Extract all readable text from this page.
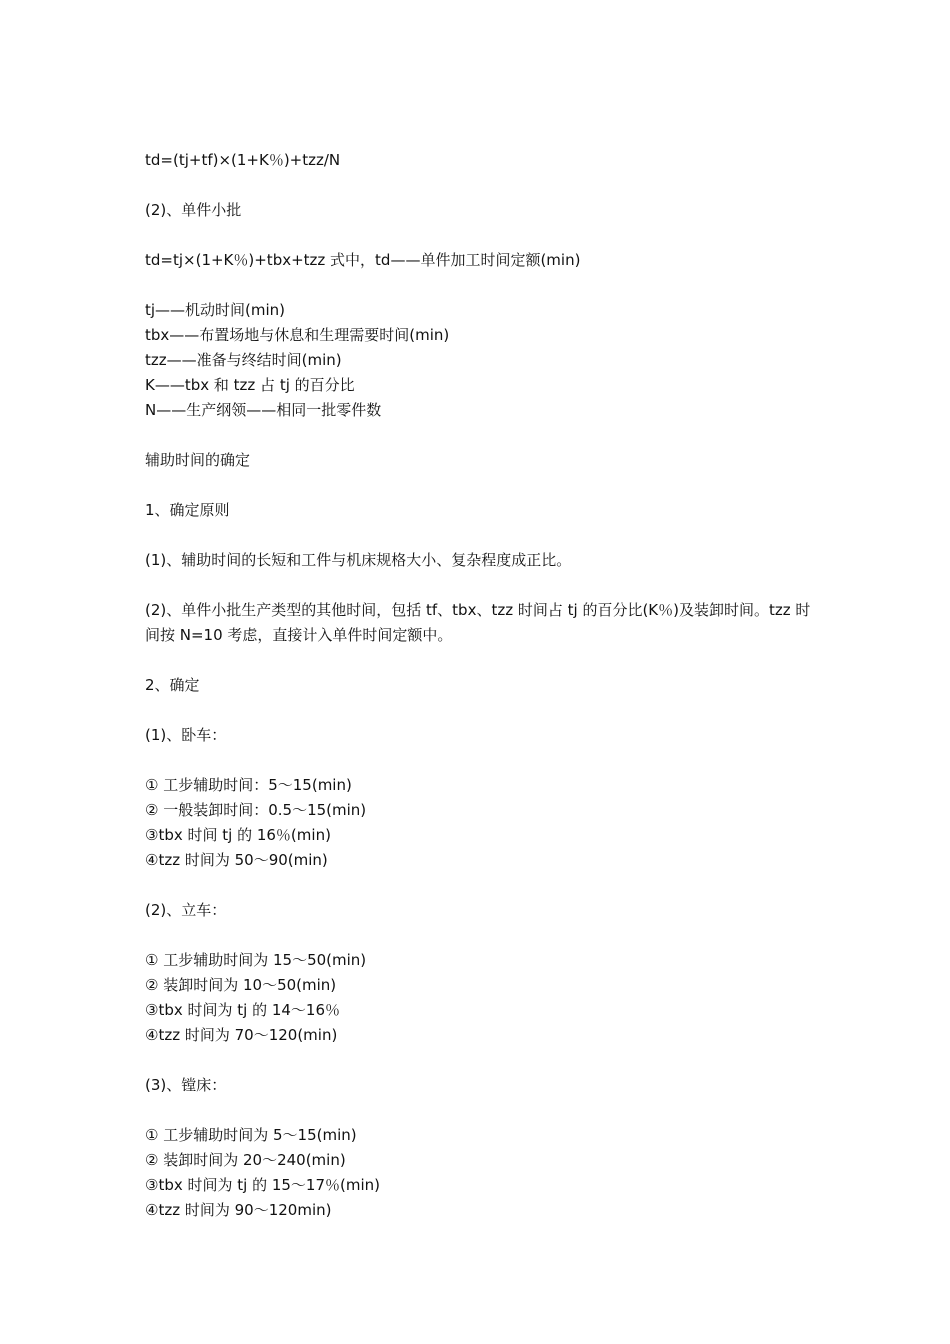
td=(tj+tf)×(1+K％)+tzz/N

(2)、单件小批

td=tj×(1+K％)+tbx+tzz 式中，td——单件加工时间定额(min)

tj——机动时间(min)
tbx——布置场地与休息和生理需要时间(min)
tzz——准备与终结时间(min)
K——tbx 和 tzz 占 tj 的百分比
N——生产纲领——相同一批零件数

辅助时间的确定

1、确定原则

(1)、辅助时间的长短和工件与机床规格大小、复杂程度成正比。

(2)、单件小批生产类型的其他时间，包括 tf、tbx、tzz 时间占 tj 的百分比(K％)及装卸时间。tzz 时间按 N=10 考虑，直接计入单件时间定额中。

2、确定

(1)、卧车：

① 工步辅助时间：5～15(min)
② 一般装卸时间：0.5～15(min)
③tbx 时间 tj 的 16％(min)
④tzz 时间为 50～90(min)

(2)、立车：

① 工步辅助时间为 15～50(min)
② 装卸时间为 10～50(min)
③tbx 时间为 tj 的 14～16％
④tzz 时间为 70～120(min)

(3)、镗床：

① 工步辅助时间为 5～15(min)
② 装卸时间为 20～240(min)
③tbx 时间为 tj 的 15～17％(min)
④tzz 时间为 90～120min)
